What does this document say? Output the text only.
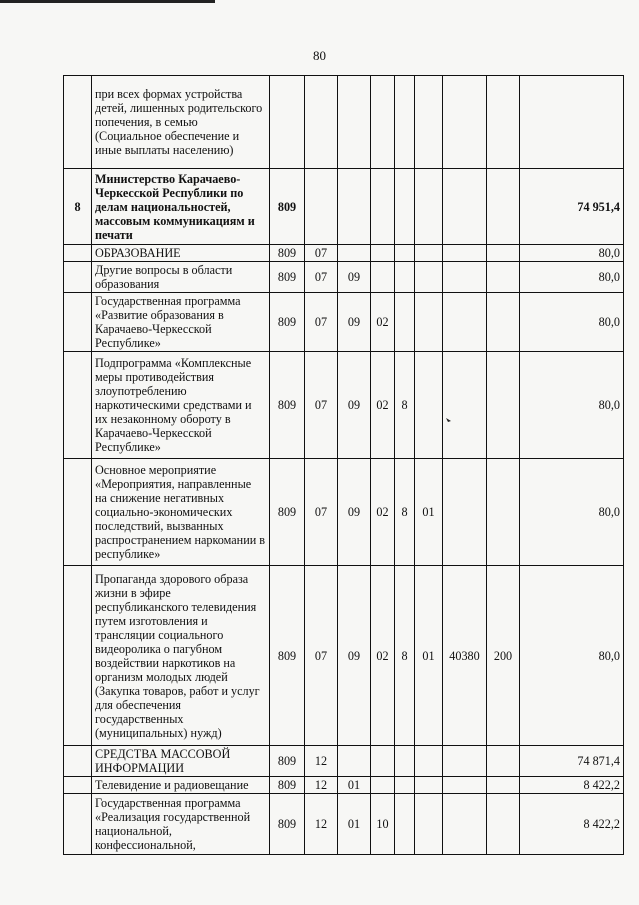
80
	при всех формах устройства детей, лишенных родительского попечения, в семью (Социальное обеспечение и иные выплаты населению)									
8	Министерство Карачаево-Черкесской Республики по делам национальностей, массовым коммуникациям и печати	809								74 951,4
	ОБРАЗОВАНИЕ	809	07							80,0
	Другие вопросы в области образования	809	07	09						80,0
	Государственная программа «Развитие образования в Карачаево-Черкесской Республике»	809	07	09	02					80,0
	Подпрограмма «Комплексные меры противодействия злоупотреблению наркотическими средствами и их незаконному обороту в Карачаево-Черкесской Республике»	809	07	09	02	8				80,0
	Основное мероприятие «Мероприятия, направленные на снижение негативных социально-экономических последствий, вызванных распространением наркомании в республике»	809	07	09	02	8	01			80,0
	Пропаганда здорового образа жизни в эфире республиканского телевидения путем изготовления и трансляции социального видеоролика о пагубном воздействии наркотиков на организм молодых людей (Закупка товаров, работ и услуг для обеспечения государственных (муниципальных) нужд)	809	07	09	02	8	01	40380	200	80,0
	СРЕДСТВА МАССОВОЙ ИНФОРМАЦИИ	809	12							74 871,4
	Телевидение и радиовещание	809	12	01						8 422,2
	Государственная программа «Реализация государственной национальной, конфессиональной,	809	12	01	10					8 422,2
